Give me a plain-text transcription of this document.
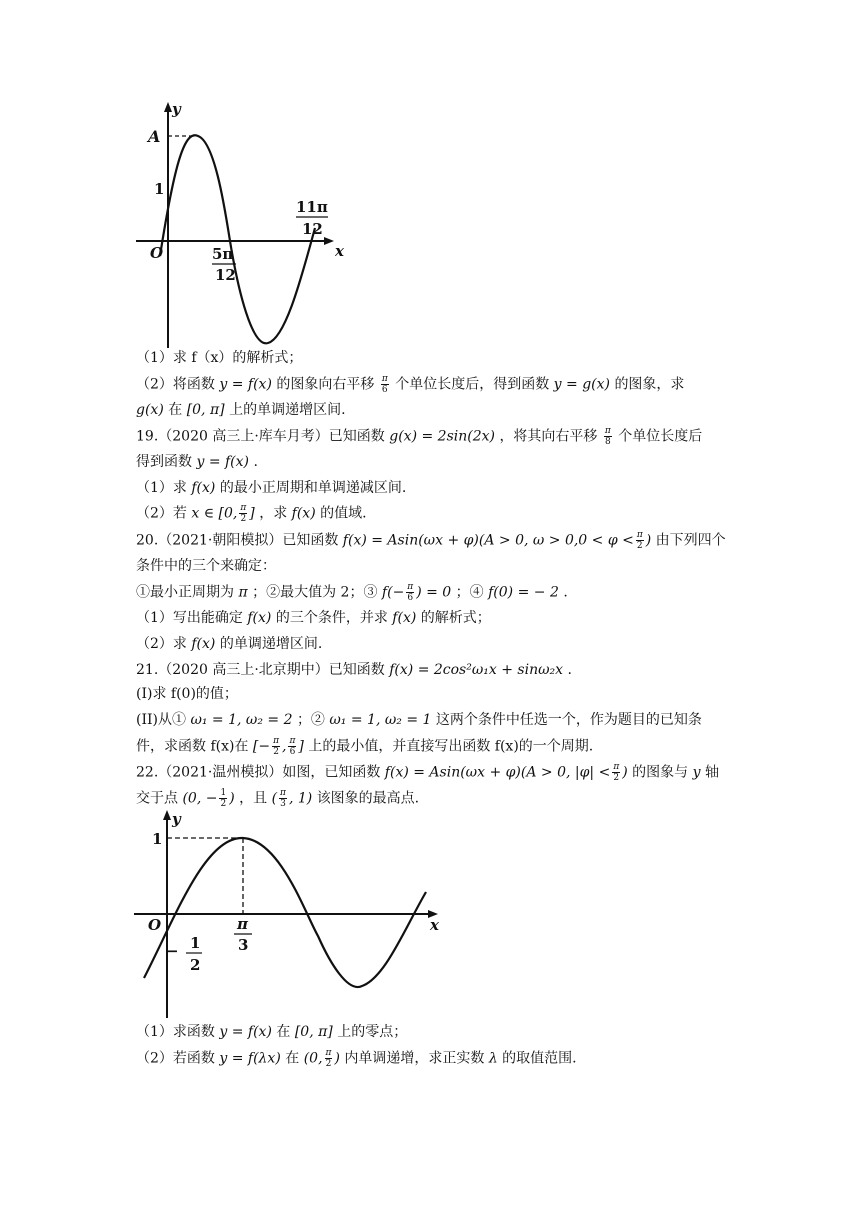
y
A
1
O	x
5π
12
11π
12
（1）求 f（x）的解析式；
（2）将函数 y = f(x) 的图象向右平移 $\frac{\pi}{6}$ 个单位长度后，得到函数 y = g(x) 的图象，求
g(x) 在 [0, π] 上的单调递增区间.
19.（2020 高三上·库车月考）已知函数 g(x) = 2sin(2x) ，将其向右平移 $\frac{\pi}{8}$ 个单位长度后
得到函数 y = f(x) .
（1）求 f(x) 的最小正周期和单调递减区间.
（2）若 x ∈ [0, $\frac{\pi}{2}$ ] ，求 f(x) 的值域.
20.（2021·朝阳模拟）已知函数 f(x) = Asin(ωx + φ)(A > 0, $\omega > 0,0 < \varphi < \frac{\pi}{2}$ ) 由下列四个
条件中的三个来确定：
①最小正周期为 π ；②最大值为 2；③ $f(- \frac{\pi}{6}$ ) = 0 ；④ f(0) = − 2 .
（1）写出能确定 f(x) 的三个条件，并求 f(x) 的解析式；
（2）求 f(x) 的单调递增区间.
21.（2020 高三上·北京期中）已知函数 f(x) = 2cos²ω₁x + sinω₂x .
(I)求 f(0)的值；
(II)从① ω₁ = 1, ω₂ = 2 ；② ω₁ = 1, ω₂ = 1 这两个条件中任选一个，作为题目的已知条
件，求函数 f(x)在 [− $\frac{\pi}{2}$ , $\frac{\pi}{6}$ ] 上的最小值，并直接写出函数 f(x)的一个周期.
22.（2021·温州模拟）如图，已知函数 f(x) = Asin(ωx + φ)(A > 0, $|\varphi| < \frac{\pi}{2}$ ) 的图象与 y 轴
交于点 (0, − $\frac{1}{2}$ ) ，且 ( $\frac{\pi}{3}$ , 1) 该图象的最高点.
y
1
O	x
− 1
2
π
3
（1）求函数 y = f(x) 在 [0, π] 上的零点；
（2）若函数 y = f(λx) 在 (0, $\frac{\pi}{2}$ ) 内单调递增，求正实数 λ 的取值范围.
